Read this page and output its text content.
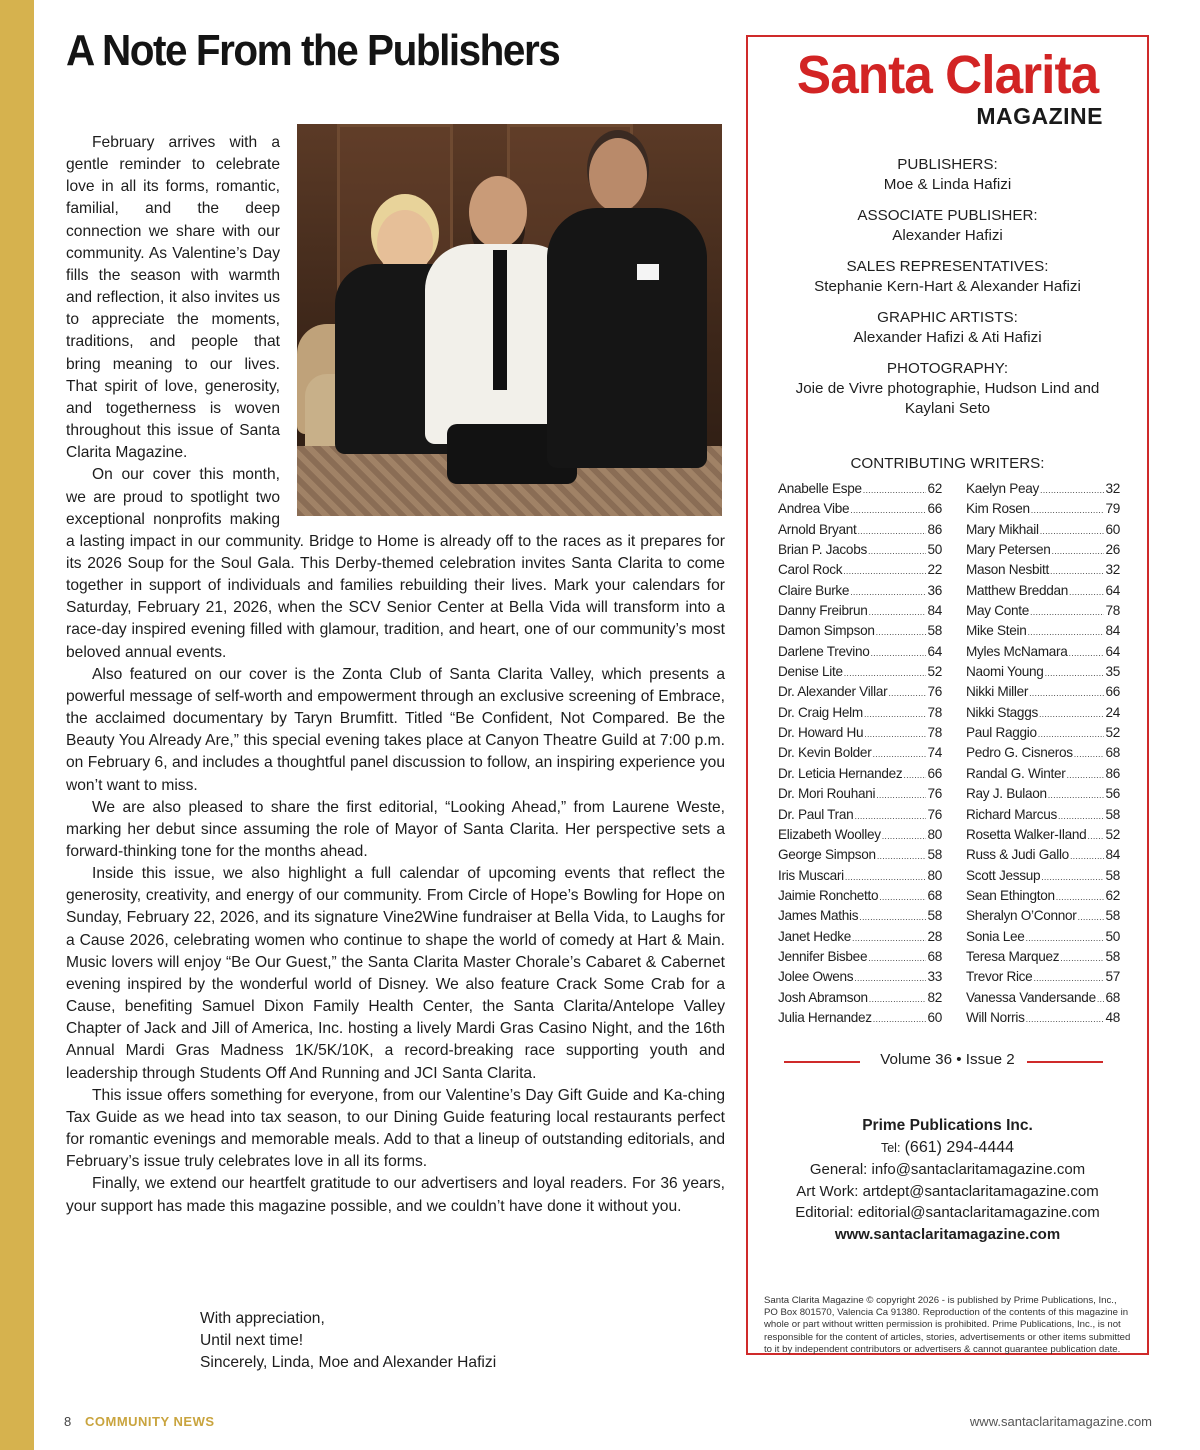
A Note From the Publishers

February arrives with a gentle reminder to celebrate love in all its forms, romantic, familial, and the deep connection we share with our community. As Valentine’s Day fills the season with warmth and reflection, it also invites us to appreciate the moments, traditions, and people that bring meaning to our lives. That spirit of love, generosity, and togetherness is woven throughout this issue of Santa Clarita Magazine.

On our cover this month, we are proud to spotlight two exceptional nonprofits making a lasting impact in our community. Bridge to Home is already off to the races as it prepares for its 2026 Soup for the Soul Gala. This Derby-themed celebration invites Santa Clarita to come together in support of individuals and families rebuilding their lives. Mark your calendars for Saturday, February 21, 2026, when the SCV Senior Center at Bella Vida will transform into a race-day inspired evening filled with glamour, tradition, and heart, one of our community’s most beloved annual events.

Also featured on our cover is the Zonta Club of Santa Clarita Valley, which presents a powerful message of self-worth and empowerment through an exclusive screening of Embrace, the acclaimed documentary by Taryn Brumfitt. Titled “Be Confident, Not Compared. Be the Beauty You Already Are,” this special evening takes place at Canyon Theatre Guild at 7:00 p.m. on February 6, and includes a thoughtful panel discussion to follow, an inspiring experience you won’t want to miss.

We are also pleased to share the first editorial, “Looking Ahead,” from Laurene Weste, marking her debut since assuming the role of Mayor of Santa Clarita. Her perspective sets a forward-thinking tone for the months ahead.

Inside this issue, we also highlight a full calendar of upcoming events that reflect the generosity, creativity, and energy of our community. From Circle of Hope’s Bowling for Hope on Sunday, February 22, 2026, and its signature Vine2Wine fundraiser at Bella Vida, to Laughs for a Cause 2026, celebrating women who continue to shape the world of comedy at Hart & Main. Music lovers will enjoy “Be Our Guest,” the Santa Clarita Master Chorale’s Cabaret & Cabernet evening inspired by the wonderful world of Disney. We also feature Crack Some Crab for a Cause, benefiting Samuel Dixon Family Health Center, the Santa Clarita/Antelope Valley Chapter of Jack and Jill of America, Inc. hosting a lively Mardi Gras Casino Night, and the 16th Annual Mardi Gras Madness 1K/5K/10K, a record-breaking race supporting youth and leadership through Students Off And Running and JCI Santa Clarita.

This issue offers something for everyone, from our Valentine’s Day Gift Guide and Ka-ching Tax Guide as we head into tax season, to our Dining Guide featuring local restaurants perfect for romantic evenings and memorable meals. Add to that a lineup of outstanding editorials, and February’s issue truly celebrates love in all its forms.

Finally, we extend our heartfelt gratitude to our advertisers and loyal readers. For 36 years, your support has made this magazine possible, and we couldn’t have done it without you.

With appreciation,
Until next time!
Sincerely, Linda, Moe and Alexander Hafizi
Santa Clarita
MAGAZINE
PUBLISHERS:
Moe & Linda Hafizi
ASSOCIATE PUBLISHER:
Alexander Hafizi
SALES REPRESENTATIVES:
Stephanie Kern-Hart & Alexander Hafizi
GRAPHIC ARTISTS:
Alexander Hafizi & Ati Hafizi
PHOTOGRAPHY:
Joie de Vivre photographie, Hudson Lind and Kaylani Seto
CONTRIBUTING WRITERS:
Anabelle Espe .....	62
Andrea Vibe .....	66
Arnold Bryant .....	86
Brian P. Jacobs .....	50
Carol Rock .....	22
Claire Burke .....	36
Danny Freibrun .....	84
Damon Simpson .....	58
Darlene Trevino .....	64
Denise Lite .....	52
Dr. Alexander Villar .....	76
Dr. Craig Helm .....	78
Dr. Howard Hu .....	78
Dr. Kevin Bolder .....	74
Dr. Leticia Hernandez ..... 66
Dr. Mori Rouhani .....	76
Dr. Paul Tran .....	76
Elizabeth Woolley .....	80
George Simpson .....	58
Iris Muscari .....	80
Jaimie Ronchetto .....	68
James Mathis .....	58
Janet Hedke .....	28
Jennifer Bisbee .....	68
Jolee Owens .....	33
Josh Abramson .....	82
Julia Hernandez .....	60
Kaelyn Peay .....	32
Kim Rosen .....	79
Mary Mikhail .....	60
Mary Petersen .....	26
Mason Nesbitt .....	32
Matthew Breddan .....	64
May Conte .....	78
Mike Stein .....	84
Myles McNamara .....	64
Naomi Young .....	35
Nikki Miller .....	66
Nikki Staggs .....	24
Paul Raggio .....	52
Pedro G. Cisneros ..... 68
Randal G. Winter .....	86
Ray J. Bulaon .....	56
Richard Marcus .....	58
Rosetta Walker-Iland ..... 52
Russ & Judi Gallo .....	84
Scott Jessup .....	58
Sean Ethington .....	62
Sheralyn O’Connor ..... 58
Sonia Lee .....	50
Teresa Marquez .....	58
Trevor Rice .....	57
Vanessa Vandersande ..... 68
Will Norris .....	48
Volume 36 • Issue 2
Prime Publications Inc.
Tel: (661) 294-4444
General: info@santaclaritamagazine.com
Art Work: artdept@santaclaritamagazine.com
Editorial: editorial@santaclaritamagazine.com
www.santaclaritamagazine.com
Santa Clarita Magazine © copyright 2026 - is published by Prime Publications, Inc., PO Box 801570, Valencia Ca 91380. Reproduction of the contents of this magazine in whole or part without written permission is prohibited. Prime Publications, Inc., is not responsible for the content of articles, stories, advertisements or other items submitted to it by independent contributors or advertisers & cannot guarantee publication date.
8 COMMUNITY NEWS	www.santaclaritamagazine.com
